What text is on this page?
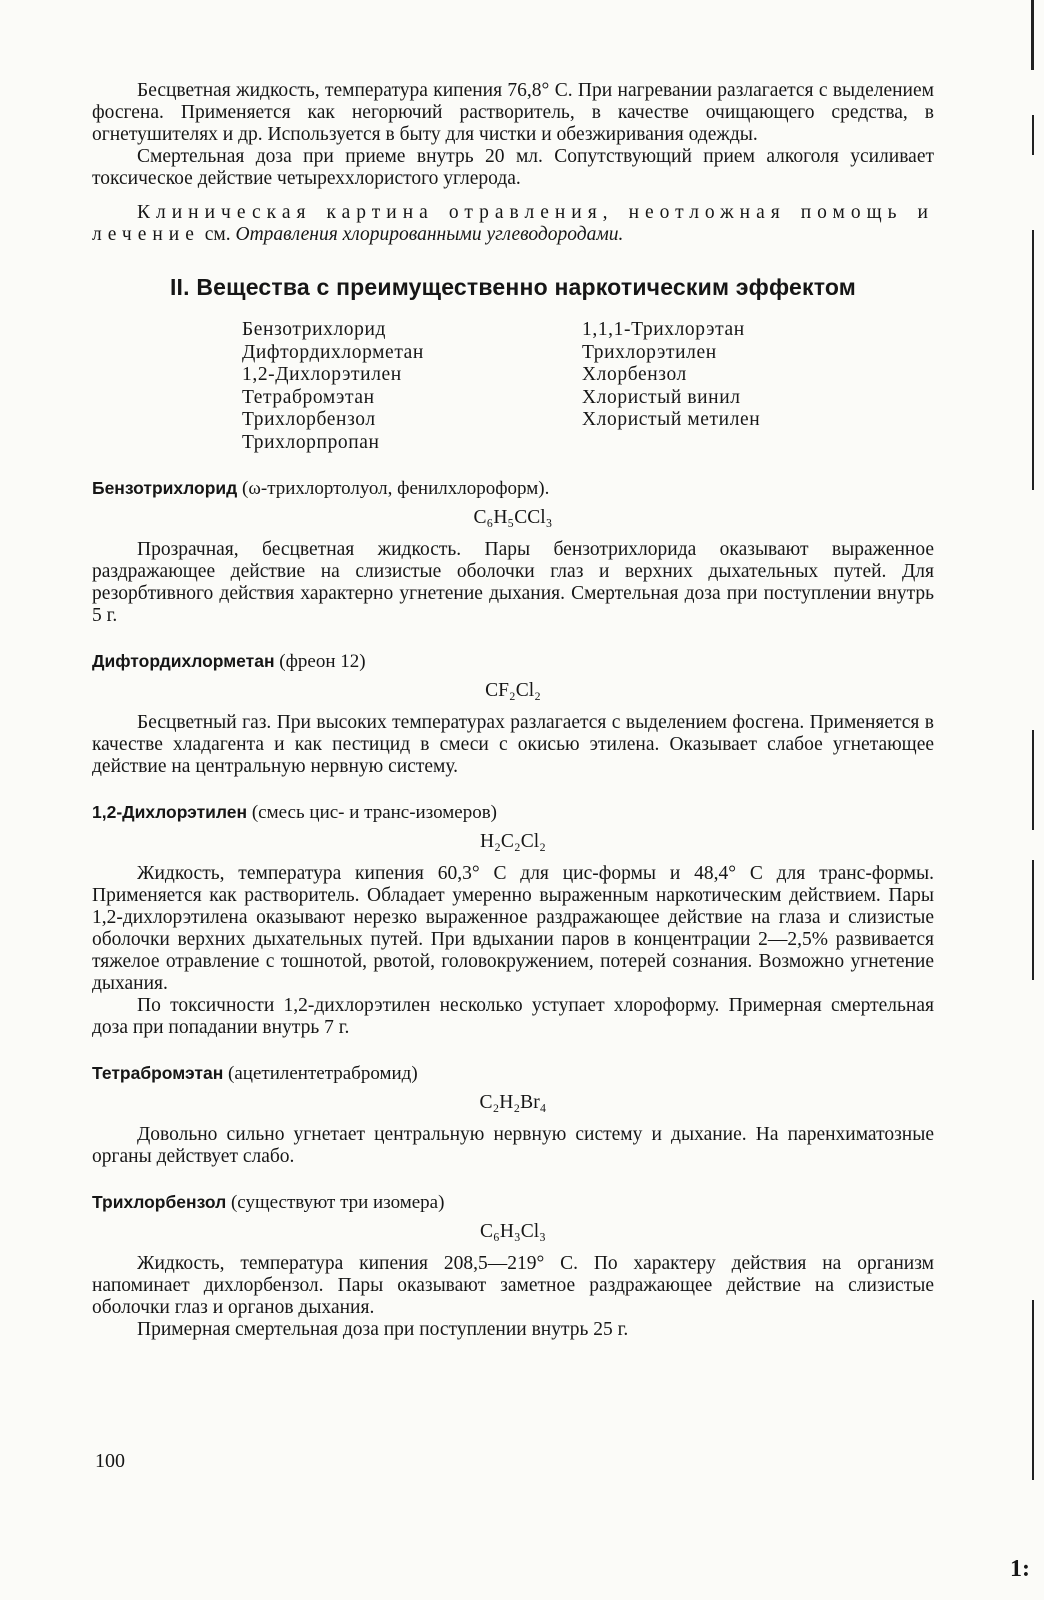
Бесцветная жидкость, температура кипения 76,8° С. При нагревании разлагается с выделением фосгена. Применяется как негорючий растворитель, в качестве очищающего средства, в огнетушителях и др. Используется в быту для чистки и обезжиривания одежды.

Смертельная доза при приеме внутрь 20 мл. Сопутствующий прием алкоголя усиливает токсическое действие четыреххлористого углерода.

Клиническая картина отравления, неотложная помощь и лечение см. Отравления хлорированными углеводородами.

II. Вещества с преимущественно наркотическим эффектом
Бензотрихлорид
Дифтордихлорметан
1,2-Дихлорэтилен
Тетрабромэтан
Трихлорбензол
Трихлорпропан
1,1,1-Трихлорэтан
Трихлорэтилен
Хлорбензол
Хлористый винил
Хлористый метилен

Бензотрихлорид (ω-трихлортолуол, фенилхлороформ).

C₆H₅CCl₃

Прозрачная, бесцветная жидкость. Пары бензотрихлорида оказывают выраженное раздражающее действие на слизистые оболочки глаз и верхних дыхательных путей. Для резорбтивного действия характерно угнетение дыхания. Смертельная доза при поступлении внутрь 5 г.

Дифтордихлорметан (фреон 12)

CF₂Cl₂

Бесцветный газ. При высоких температурах разлагается с выделением фосгена. Применяется в качестве хладагента и как пестицид в смеси с окисью этилена. Оказывает слабое угнетающее действие на центральную нервную систему.

1,2-Дихлорэтилен (смесь цис- и транс-изомеров)

H₂C₂Cl₂

Жидкость, температура кипения 60,3° С для цис-формы и 48,4° С для транс-формы. Применяется как растворитель. Обладает умеренно выраженным наркотическим действием. Пары 1,2-дихлорэтилена оказывают нерезко выраженное раздражающее действие на глаза и слизистые оболочки верхних дыхательных путей. При вдыхании паров в концентрации 2—2,5% развивается тяжелое отравление с тошнотой, рвотой, головокружением, потерей сознания. Возможно угнетение дыхания.

По токсичности 1,2-дихлорэтилен несколько уступает хлороформу. Примерная смертельная доза при попадании внутрь 7 г.

Тетрабромэтан (ацетилентетрабромид)

C₂H₂Br₄

Довольно сильно угнетает центральную нервную систему и дыхание. На паренхиматозные органы действует слабо.

Трихлорбензол (существуют три изомера)

C₆H₃Cl₃

Жидкость, температура кипения 208,5—219° С. По характеру действия на организм напоминает дихлорбензол. Пары оказывают заметное раздражающее действие на слизистые оболочки глаз и органов дыхания.

Примерная смертельная доза при поступлении внутрь 25 г.

100
1:
